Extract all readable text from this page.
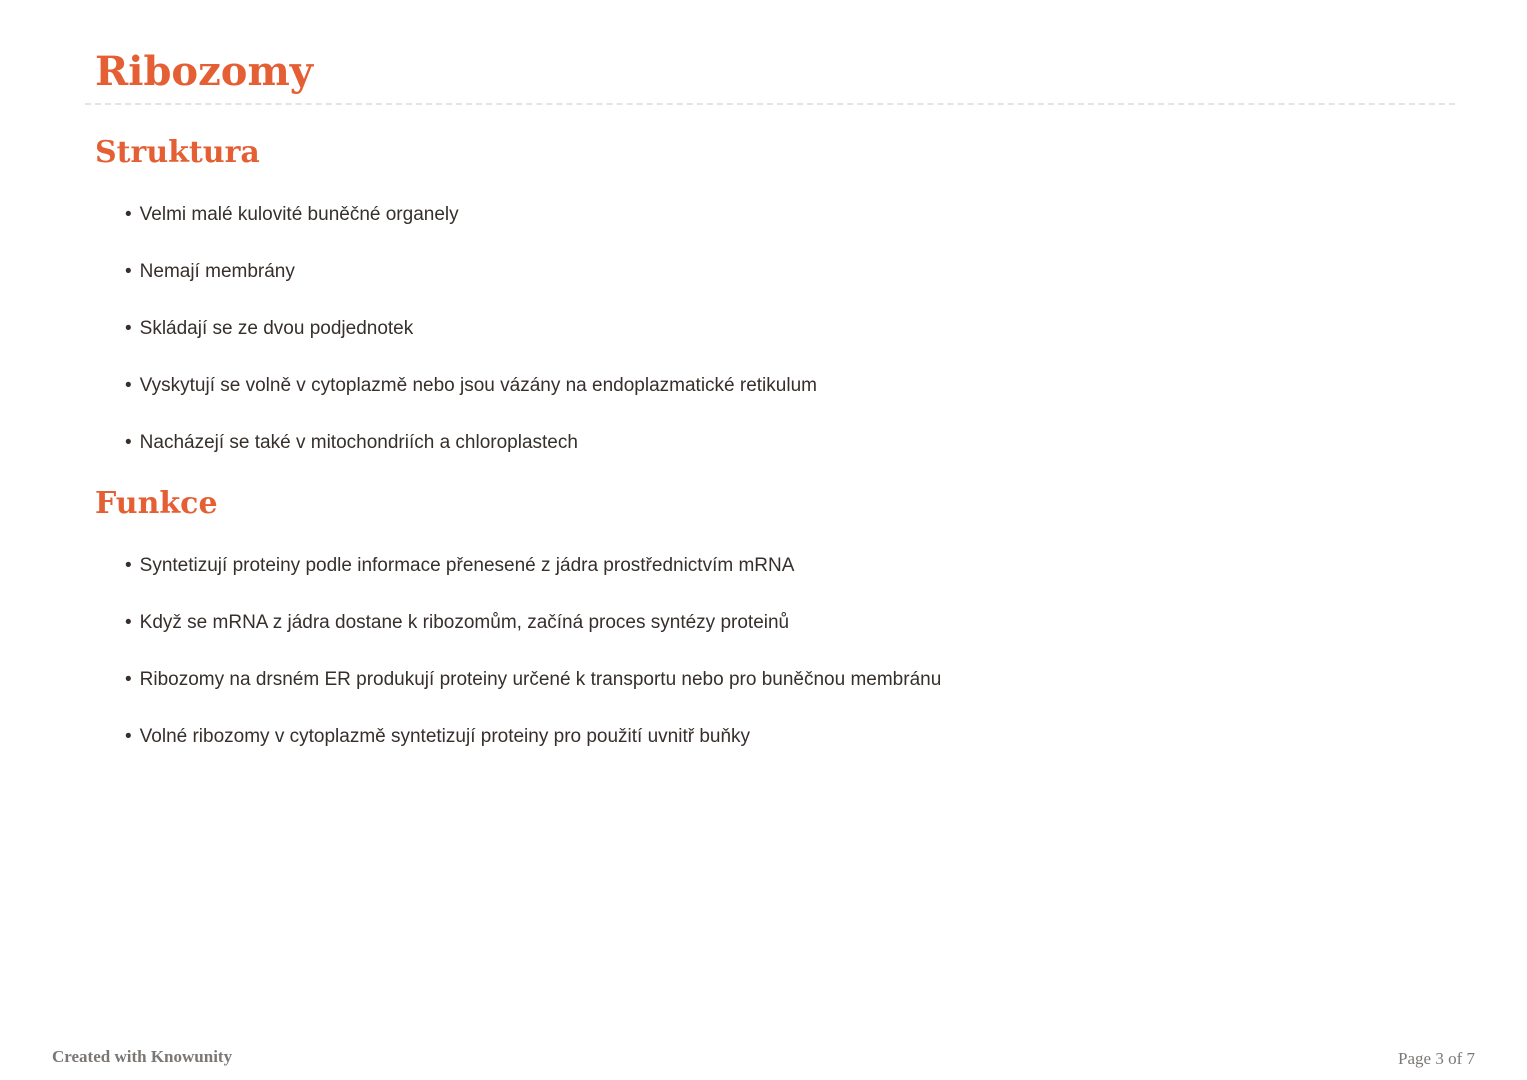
Ribozomy
Struktura
• Velmi malé kulovité buněčné organely
• Nemají membrány
• Skládají se ze dvou podjednotek
• Vyskytují se volně v cytoplazmě nebo jsou vázány na endoplazmatické retikulum
• Nacházejí se také v mitochondriích a chloroplastech
Funkce
• Syntetizují proteiny podle informace přenesené z jádra prostřednictvím mRNA
• Když se mRNA z jádra dostane k ribozomům, začíná proces syntézy proteinů
• Ribozomy na drsném ER produkují proteiny určené k transportu nebo pro buněčnou membránu
• Volné ribozomy v cytoplazmě syntetizují proteiny pro použití uvnitř buňky
Created with Knowunity	Page 3 of 7
